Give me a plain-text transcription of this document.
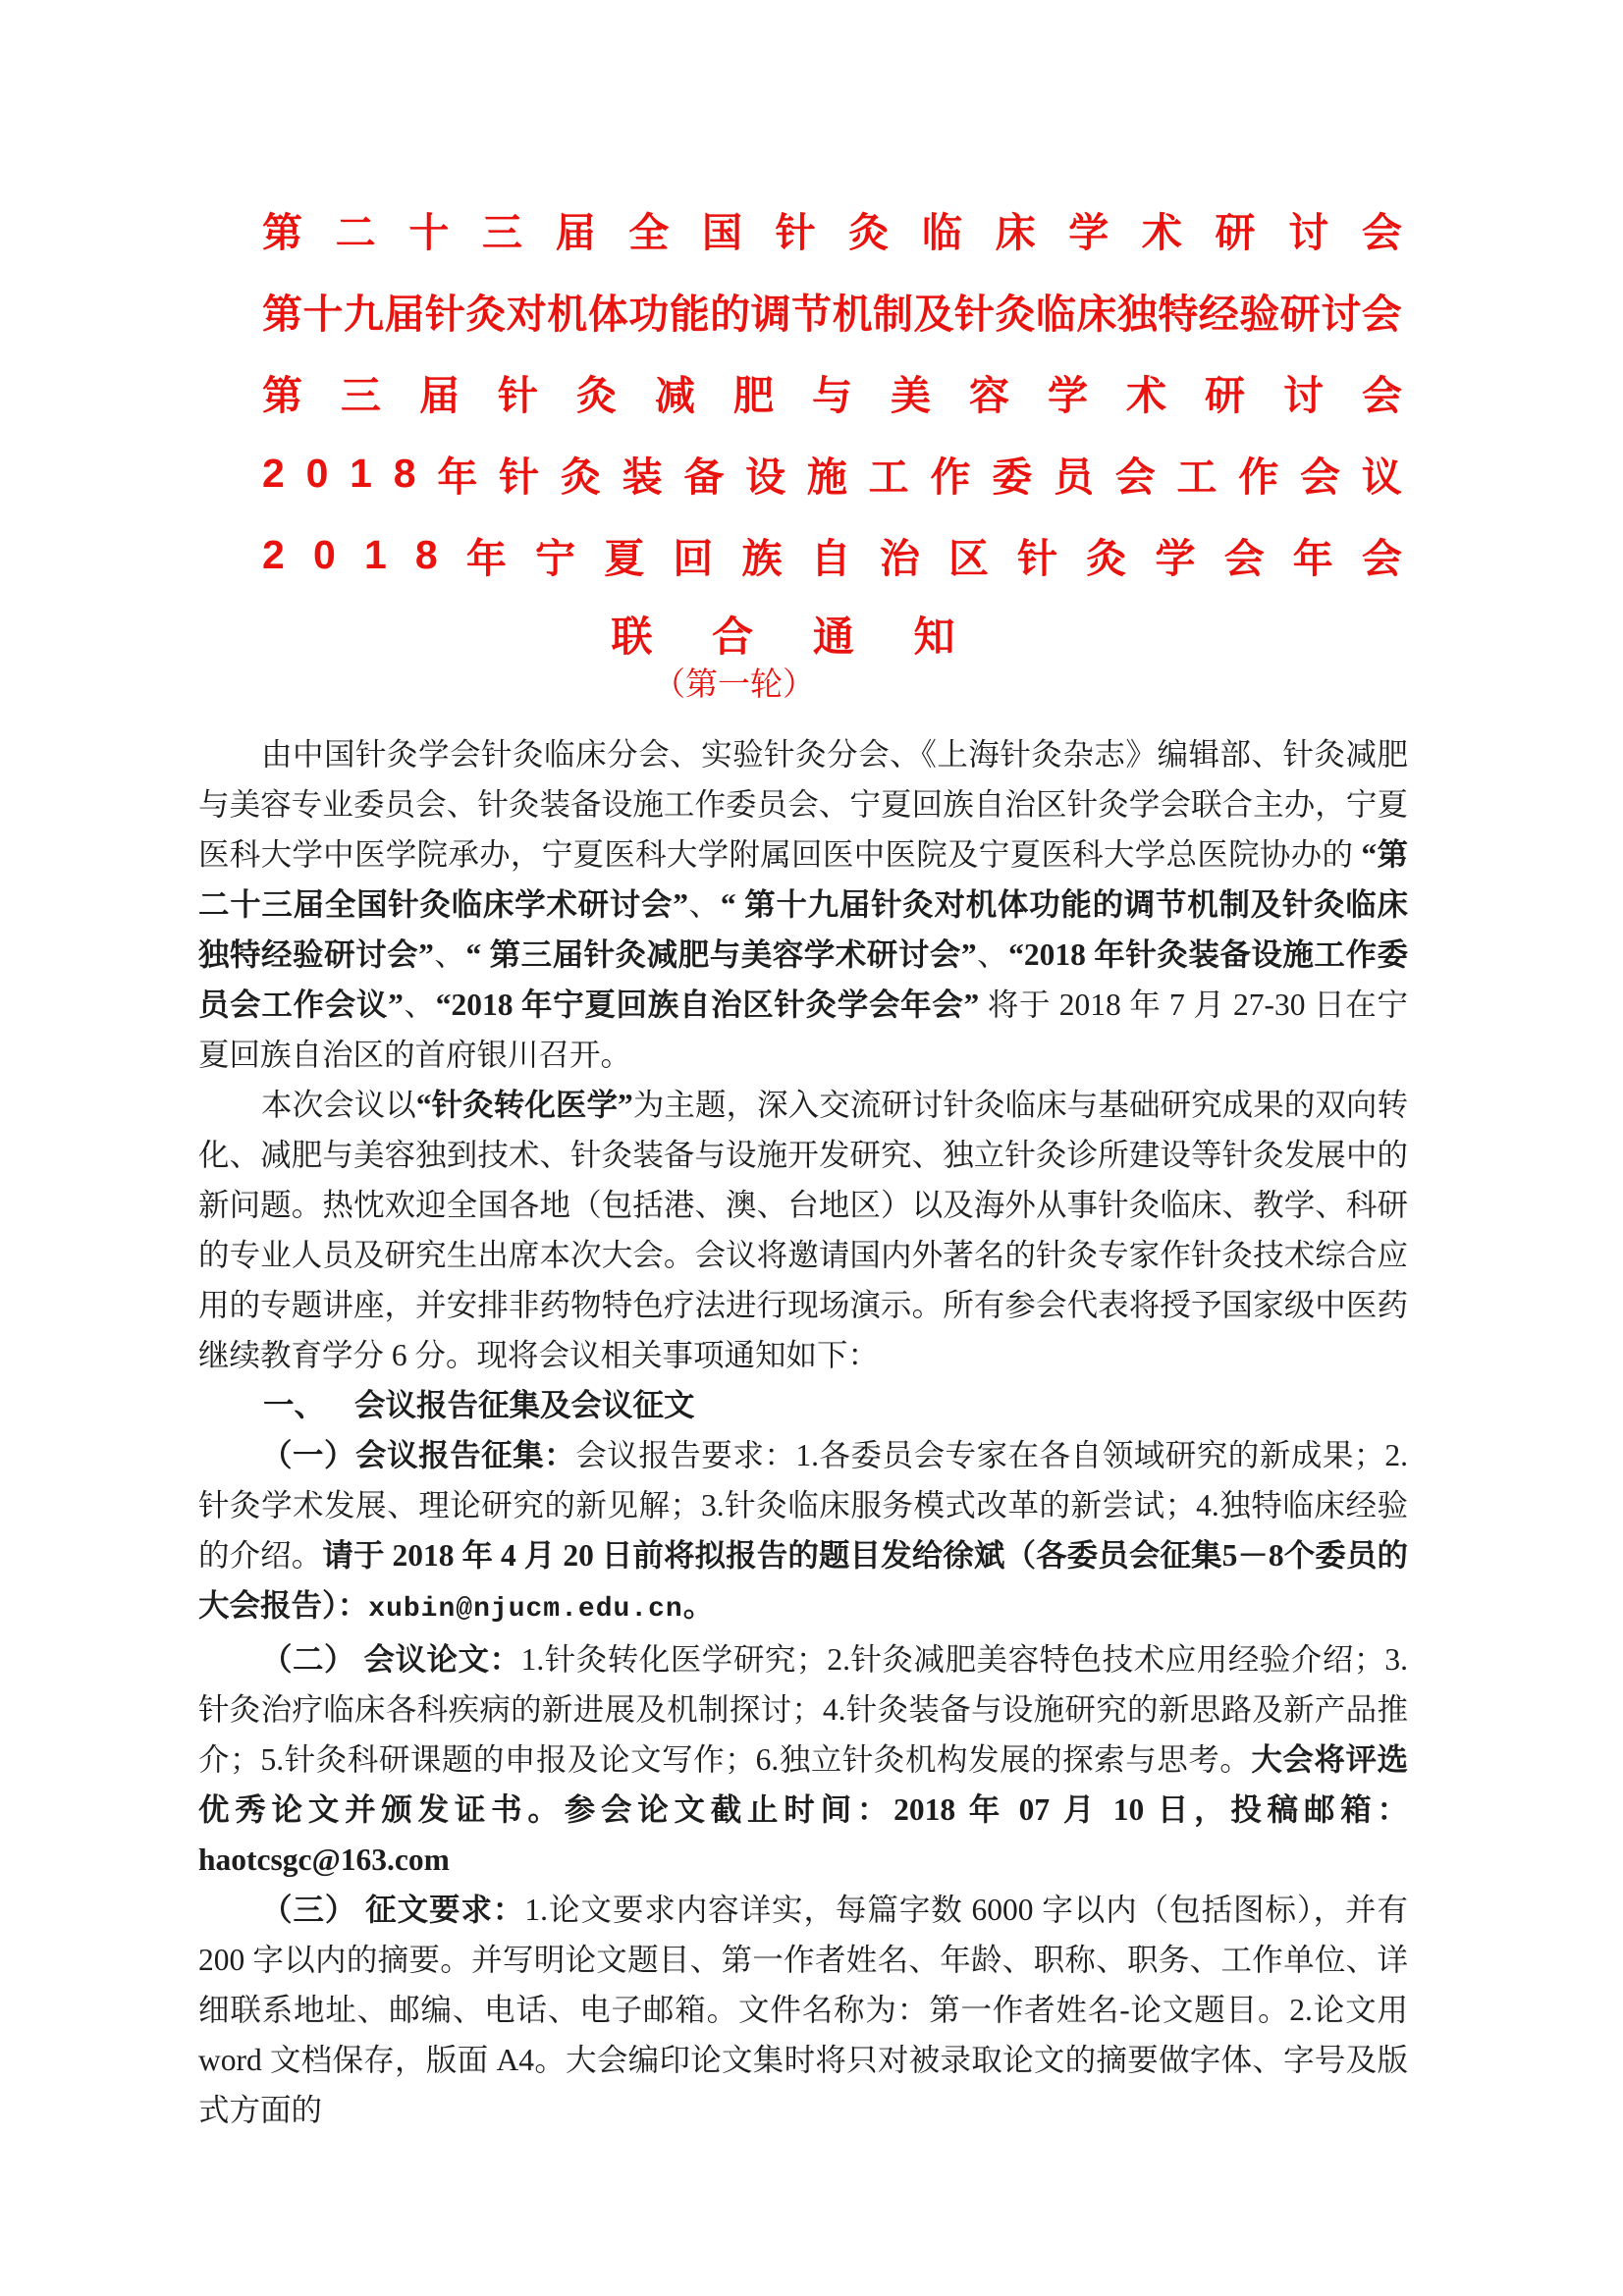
第 二 十 三 届 全 国 针 灸 临 床 学 术 研 讨 会
第 十 九 届 针 灸 对 机 体 功 能 的 调 节 机 制 及 针 灸 临 床 独 特 经 验 研 讨 会
第 三 届 针 灸 减 肥 与 美 容 学 术 研 讨 会
2 0 1 8 年 针 灸 装 备 设 施 工 作 委 员 会 工 作 会 议
2 0 1 8 年 宁 夏 回 族 自 治 区 针 灸 学 会 年 会
联 合 通 知
（第一轮）

由中国针灸学会针灸临床分会、实验针灸分会、《上海针灸杂志》编辑部、针灸减肥与美容专业委员会、针灸装备设施工作委员会、宁夏回族自治区针灸学会联合主办，宁夏医科大学中医学院承办，宁夏医科大学附属回医中医院及宁夏医科大学总医院协办的 “第二十三届全国针灸临床学术研讨会”、“ 第十九届针灸对机体功能的调节机制及针灸临床独特经验研讨会”、“ 第三届针灸减肥与美容学术研讨会”、“2018 年针灸装备设施工作委员会工作会议”、“2018 年宁夏回族自治区针灸学会年会” 将于 2018 年 7 月 27-30 日在宁夏回族自治区的首府银川召开。

本次会议以“针灸转化医学”为主题，深入交流研讨针灸临床与基础研究成果的双向转化、减肥与美容独到技术、针灸装备与设施开发研究、独立针灸诊所建设等针灸发展中的新问题。热忱欢迎全国各地（包括港、澳、台地区）以及海外从事针灸临床、教学、科研的专业人员及研究生出席本次大会。会议将邀请国内外著名的针灸专家作针灸技术综合应用的专题讲座，并安排非药物特色疗法进行现场演示。所有参会代表将授予国家级中医药继续教育学分 6 分。现将会议相关事项通知如下：

一、 会议报告征集及会议征文

（一）会议报告征集：会议报告要求：1.各委员会专家在各自领域研究的新成果；2.针灸学术发展、理论研究的新见解；3.针灸临床服务模式改革的新尝试；4.独特临床经验的介绍。请于 2018 年 4 月 20 日前将拟报告的题目发给徐斌（各委员会征集5－8个委员的大会报告）：xubin@njucm.edu.cn。

（二） 会议论文：1.针灸转化医学研究；2.针灸减肥美容特色技术应用经验介绍；3.针灸治疗临床各科疾病的新进展及机制探讨；4.针灸装备与设施研究的新思路及新产品推介；5.针灸科研课题的申报及论文写作；6.独立针灸机构发展的探索与思考。大会将评选优秀论文并颁发证书。参会论文截止时间：2018 年 07 月 10 日，投稿邮箱：haotcsgc@163.com

（三） 征文要求：1.论文要求内容详实，每篇字数 6000 字以内（包括图标），并有 200 字以内的摘要。并写明论文题目、第一作者姓名、年龄、职称、职务、工作单位、详细联系地址、邮编、电话、电子邮箱。文件名称为：第一作者姓名-论文题目。2.论文用 word 文档保存，版面 A4。大会编印论文集时将只对被录取论文的摘要做字体、字号及版式方面的
